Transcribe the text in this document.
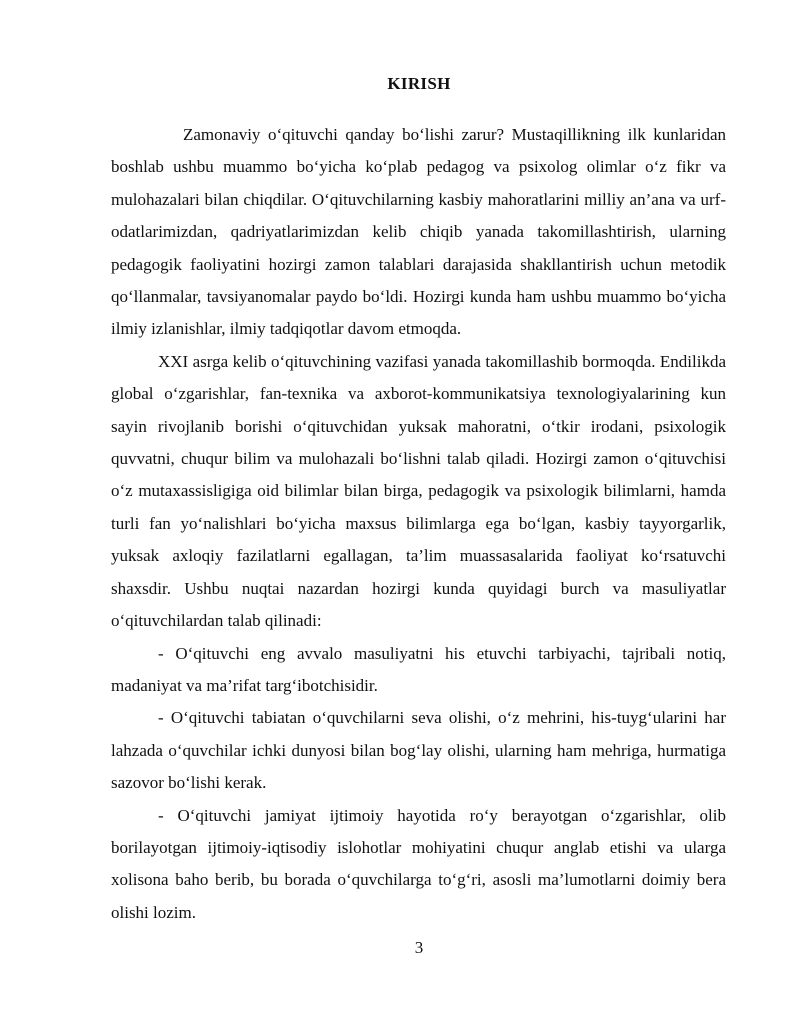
KIRISH

Zamonaviy o‘qituvchi qanday bo‘lishi zarur? Mustaqillikning ilk kunlaridan boshlab ushbu muammo bo‘yicha ko‘plab pedagog va psixolog olimlar o‘z fikr va mulohazalari bilan chiqdilar. O‘qituvchilarning kasbiy mahoratlarini milliy an’ana va urf-odatlarimizdan, qadriyatlarimizdan kelib chiqib yanada takomillashtirish, ularning pedagogik faoliyatini hozirgi zamon talablari darajasida shakllantirish uchun metodik qo‘llanmalar, tavsiyanomalar paydo bo‘ldi. Hozirgi kunda ham ushbu muammo bo‘yicha ilmiy izlanishlar, ilmiy tadqiqotlar davom etmoqda.

XXI asrga kelib o‘qituvchining vazifasi yanada takomillashib bormoqda. Endilikda global o‘zgarishlar, fan-texnika va axborot-kommunikatsiya texnologiyalarining kun sayin rivojlanib borishi o‘qituvchidan yuksak mahoratni, o‘tkir irodani, psixologik quvvatni, chuqur bilim va mulohazali bo‘lishni talab qiladi. Hozirgi zamon o‘qituvchisi o‘z mutaxassisligiga oid bilimlar bilan birga, pedagogik va psixologik bilimlarni, hamda turli fan yo‘nalishlari bo‘yicha maxsus bilimlarga ega bo‘lgan, kasbiy tayyorgarlik, yuksak axloqiy fazilatlarni egallagan, ta’lim muassasalarida faoliyat ko‘rsatuvchi shaxsdir. Ushbu nuqtai nazardan hozirgi kunda quyidagi burch va masuliyatlar o‘qituvchilardan talab qilinadi:

- O‘qituvchi eng avvalo masuliyatni his etuvchi tarbiyachi, tajribali notiq, madaniyat va ma’rifat targ‘ibotchisidir.

- O‘qituvchi tabiatan o‘quvchilarni seva olishi, o‘z mehrini, his-tuyg‘ularini har lahzada o‘quvchilar ichki dunyosi bilan bog‘lay olishi, ularning ham mehriga, hurmatiga sazovor bo‘lishi kerak.

- O‘qituvchi jamiyat ijtimoiy hayotida ro‘y berayotgan o‘zgarishlar, olib borilayotgan ijtimoiy-iqtisodiy islohotlar mohiyatini chuqur anglab etishi va ularga xolisona baho berib, bu borada o‘quvchilarga to‘g‘ri, asosli ma’lumotlarni doimiy bera olishi lozim.

3
